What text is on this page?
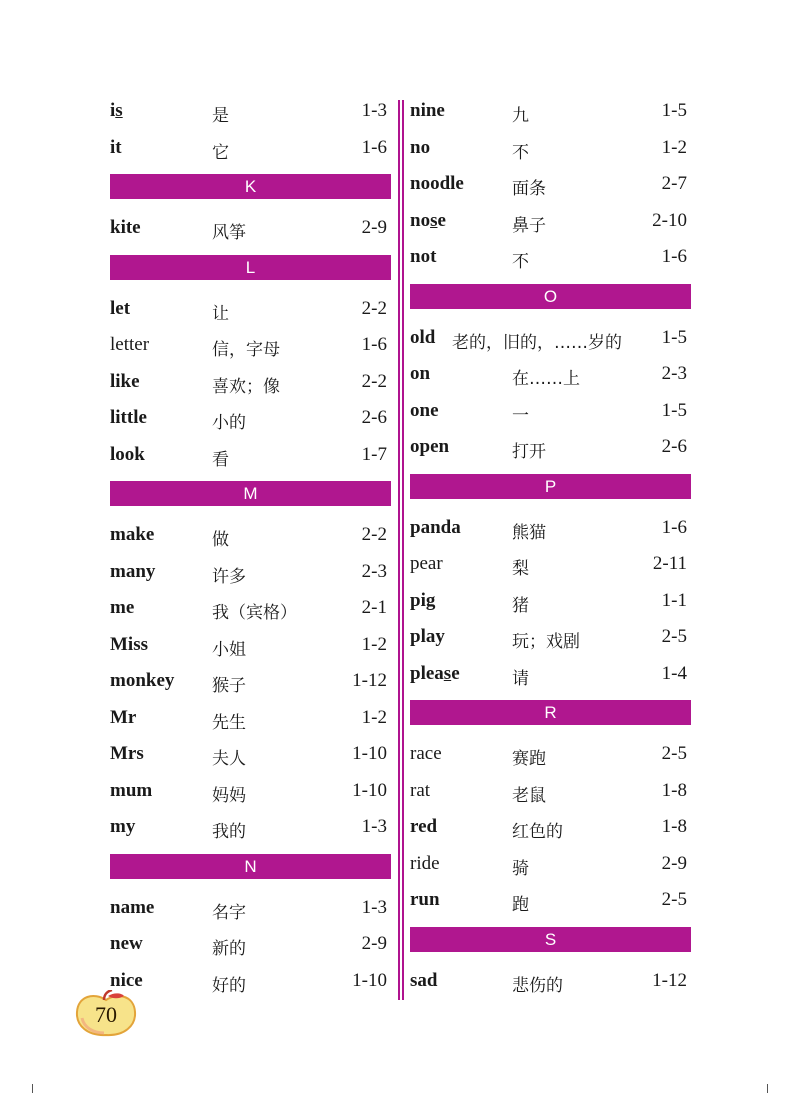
is	是	1-3
it	它	1-6
K
kite	风筝	2-9
L
let	让	2-2
letter	信，字母	1-6
like	喜欢；像	2-2
little	小的	2-6
look	看	1-7
M
make	做	2-2
many	许多	2-3
me	我（宾格）	2-1
Miss	小姐	1-2
monkey 猴子	1-12
Mr	先生	1-2
Mrs	夫人	1-10
mum	妈妈	1-10
my	我的	1-3
N
name	名字	1-3
new	新的	2-9
nice	好的	1-10
nine	九	1-5
no	不	1-2
noodle	面条	2-7
nose	鼻子	2-10
not	不	1-6
O
old 老的，旧的，……岁的 1-5
on	在……上	2-3
one	一	1-5
open	打开	2-6
P
panda	熊猫	1-6
pear	梨	2-11
pig	猪	1-1
play	玩；戏剧	2-5
please	请	1-4
R
race	赛跑	2-5
rat	老鼠	1-8
red	红色的	1-8
ride	骑	2-9
run	跑	2-5
S
sad	悲伤的	1-12
70
